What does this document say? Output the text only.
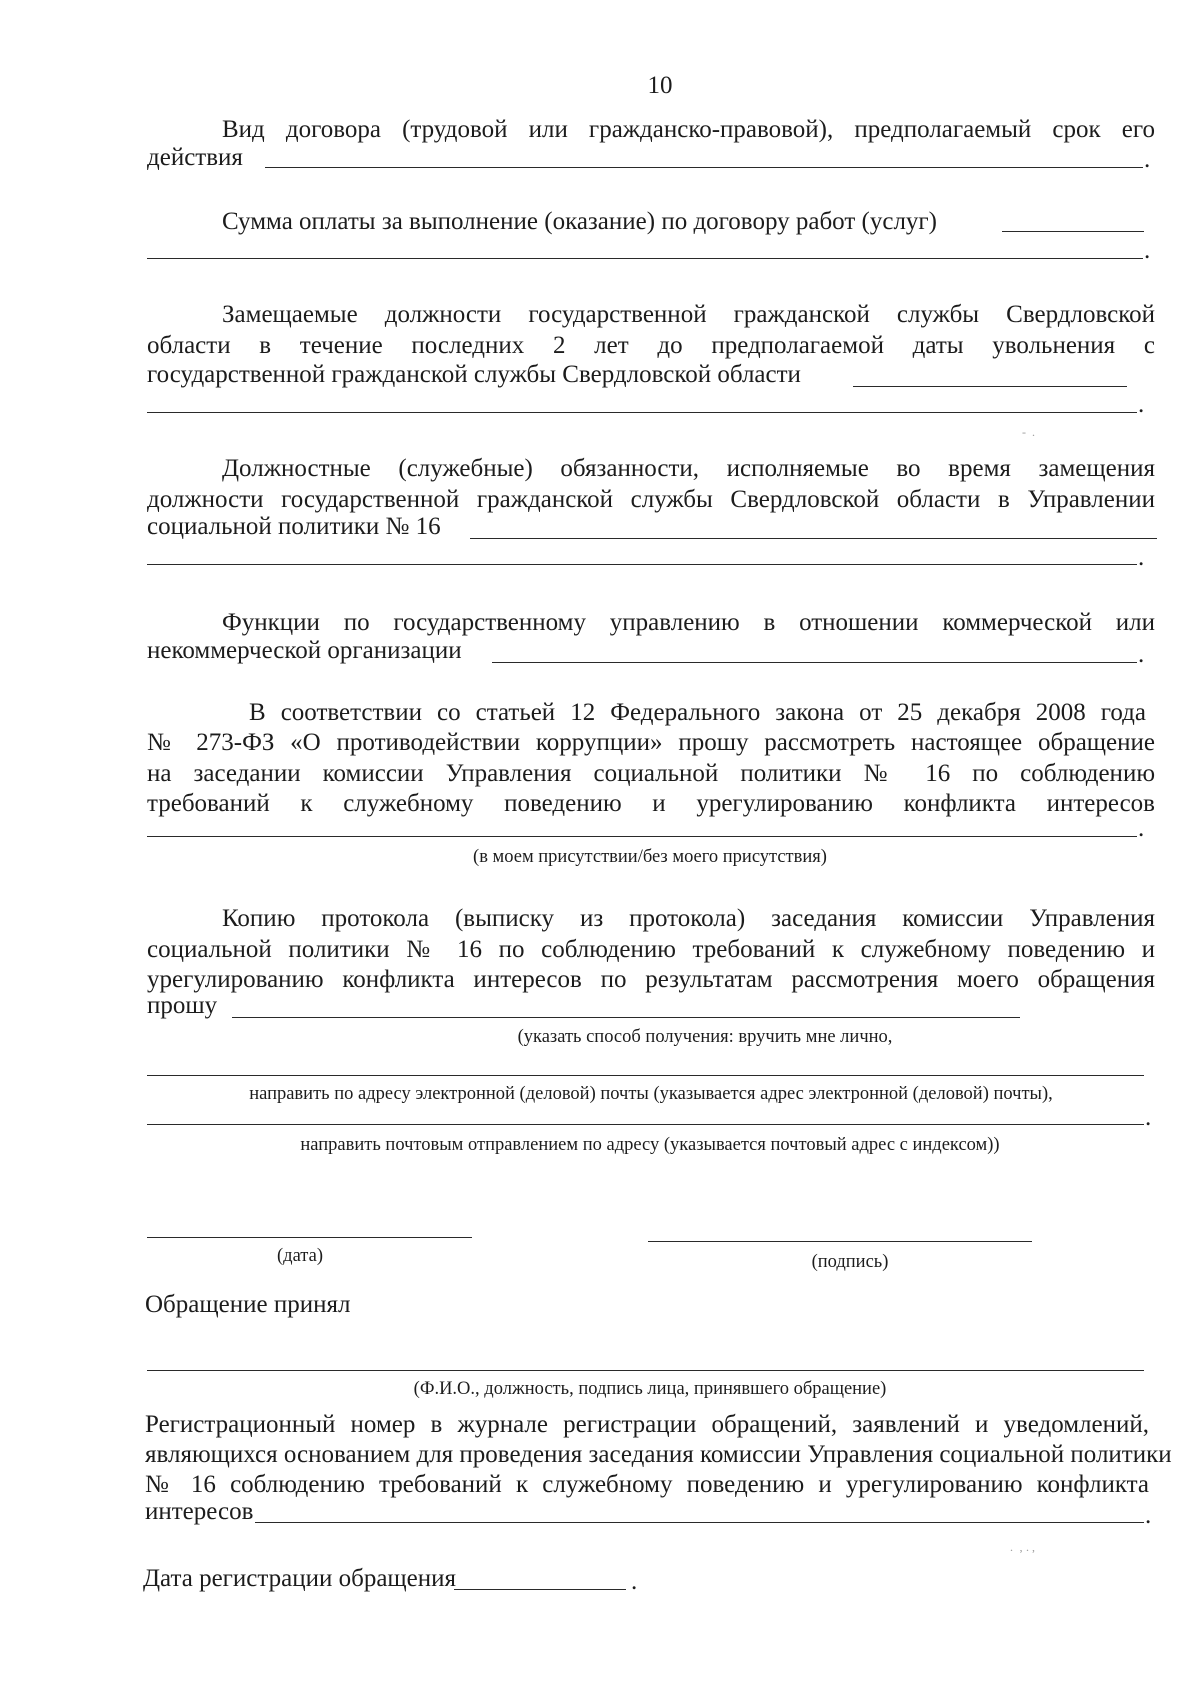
10
Вид договора (трудовой или гражданско-правовой), предполагаемый срок его
действия	.
Сумма оплаты за выполнение (оказание) по договору работ (услуг)
.
Замещаемые должности государственной гражданской службы Свердловской
области в течение последних 2 лет до предполагаемой даты увольнения с
государственной гражданской службы Свердловской области
.
Должностные (служебные) обязанности, исполняемые во время замещения
должности государственной гражданской службы Свердловской области в Управлении
социальной политики № 16
.
Функции по государственному управлению в отношении коммерческой или
некоммерческой организации	.
В соответствии со статьей 12 Федерального закона от 25 декабря 2008 года
№ 273-ФЗ «О противодействии коррупции» прошу рассмотреть настоящее обращение
на заседании комиссии Управления социальной политики № 16 по соблюдению
требований к служебному поведению и урегулированию конфликта интересов
.
(в моем присутствии/без моего присутствия)
Копию протокола (выписку из протокола) заседания комиссии Управления
социальной политики № 16 по соблюдению требований к служебному поведению и
урегулированию конфликта интересов по результатам рассмотрения моего обращения
прошу
(указать способ получения: вручить мне лично,
направить по адресу электронной (деловой) почты (указывается адрес электронной (деловой) почты),
.
направить почтовым отправлением по адресу (указывается почтовый адрес с индексом))
(дата)	(подпись)
Обращение принял
(Ф.И.О., должность, подпись лица, принявшего обращение)
Регистрационный номер в журнале регистрации обращений, заявлений и уведомлений,
являющихся основанием для проведения заседания комиссии Управления социальной политики
№ 16 соблюдению требований к служебному поведению и урегулированию конфликта
интересов	.
Дата регистрации обращения	.
.  ‚ . ,
-  .
